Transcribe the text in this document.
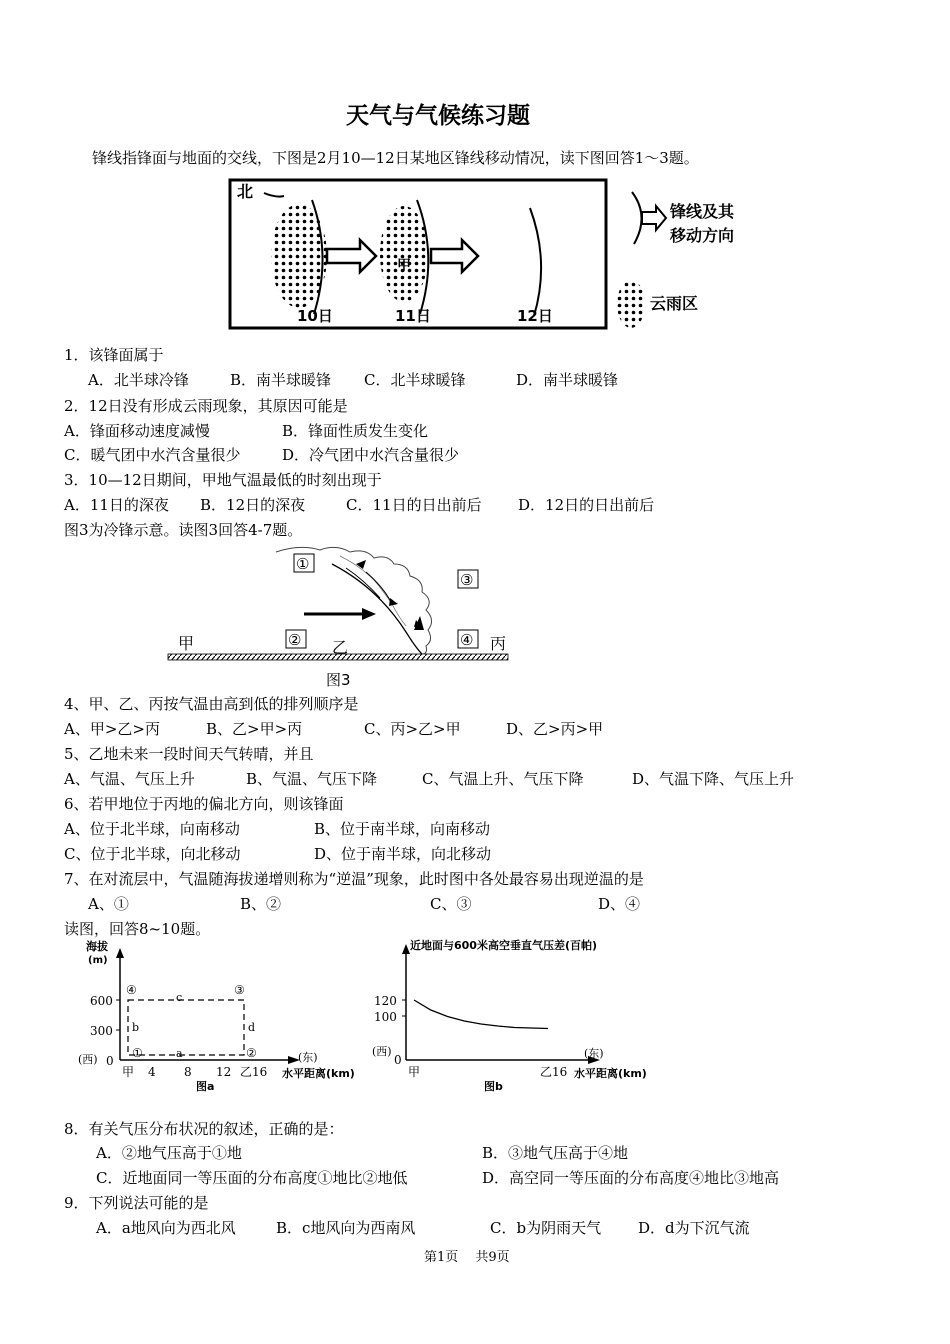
天气与气候练习题
锋线指锋面与地面的交线，下图是2月10—12日某地区锋线移动情况，读下图回答1～3题。
北
甲
10日	11日	12日
锋线及其
移动方向
云雨区
1．该锋面属于
A．北半球冷锋	B．南半球暖锋 C．北半球暖锋	D．南半球暖锋
2．12日没有形成云雨现象，其原因可能是
A．锋面移动速度减慢	B．锋面性质发生变化
C．暖气团中水汽含量很少	D．冷气团中水汽含量很少
3．10—12日期间，甲地气温最低的时刻出现于
A．11日的深夜 B．12日的深夜	C．11日的日出前后 D．12日的日出前后
图3为冷锋示意。读图3回答4-7题。
①
②
③
④
甲	乙	丙
图3
4、甲、乙、丙按气温由高到低的排列顺序是
A、甲>乙>丙	B、乙>甲>丙	C、丙>乙>甲	D、乙>丙>甲
5、乙地未来一段时间天气转晴，并且
A、气温、气压上升	B、气温、气压下降	C、气温上升、气压下降	D、气温下降、气压上升
6、若甲地位于丙地的偏北方向，则该锋面
A、位于北半球，向南移动	B、位于南半球，向南移动
C、位于北半球，向北移动	D、位于南半球，向北移动
7、在对流层中，气温随海拔递增则称为“逆温”现象，此时图中各处最容易出现逆温的是
A、①	B、②	C、③	D、④
读图，回答8~10题。
海拔
(m)
600
300
0
(西)	(东)
④	③
①	②
c
a
b	d
甲 4 8 12 乙16 水平距离(km)
图a
近地面与600米高空垂直气压差(百帕)
120
100
0
(西)	(东)
甲	乙16 水平距离(km)
图b
8．有关气压分布状况的叙述，正确的是：
A．②地气压高于①地	B．③地气压高于④地
C．近地面同一等压面的分布高度①地比②地低	D．高空同一等压面的分布高度④地比③地高
9．下列说法可能的是
A．a地风向为西北风	B．c地风向为西南风	C．b为阴雨天气 D．d为下沉气流
第1页　 共9页
